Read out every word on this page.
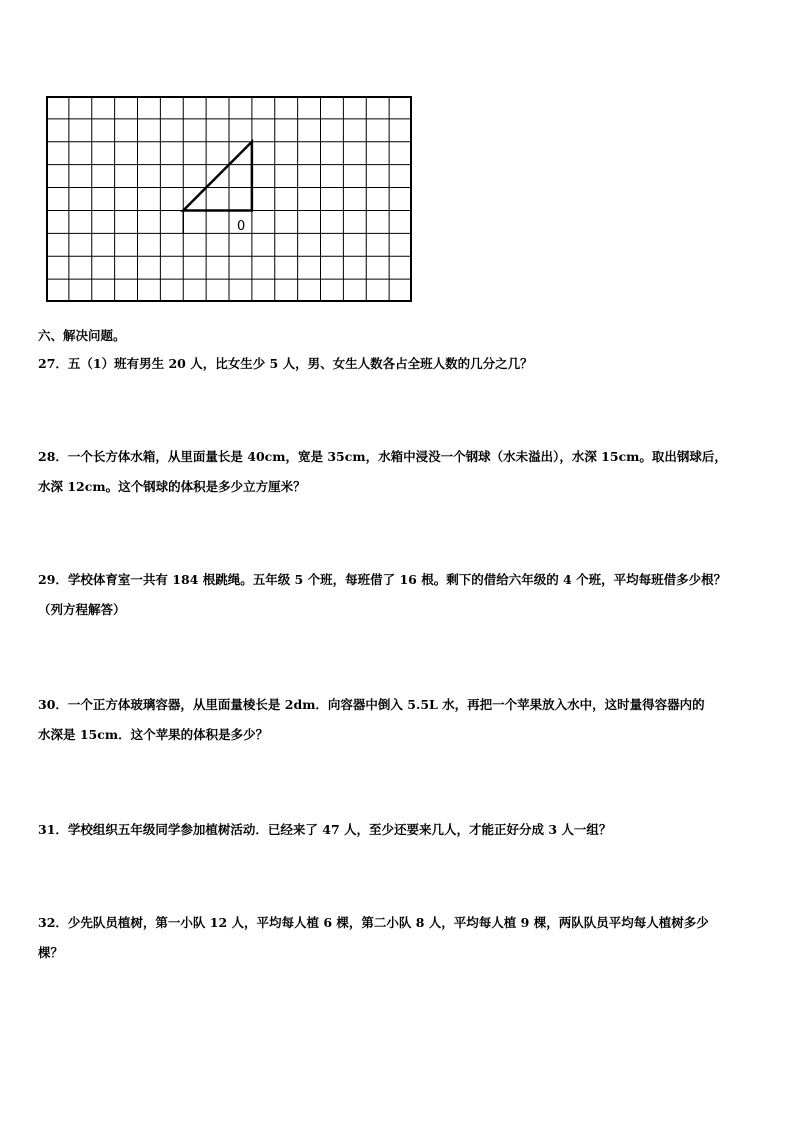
0
六、解决问题。
27．五（1）班有男生 20 人，比女生少 5 人，男、女生人数各占全班人数的几分之几？
28．一个长方体水箱，从里面量长是 40cm，宽是 35cm，水箱中浸没一个钢球（水未溢出），水深 15cm。取出钢球后，
水深 12cm。这个钢球的体积是多少立方厘米？
29．学校体育室一共有 184 根跳绳。五年级 5 个班，每班借了 16 根。剩下的借给六年级的 4 个班，平均每班借多少根？
（列方程解答）
30．一个正方体玻璃容器，从里面量棱长是 2dm．向容器中倒入 5.5L 水，再把一个苹果放入水中，这时量得容器内的
水深是 15cm．这个苹果的体积是多少？
31．学校组织五年级同学参加植树活动．已经来了 47 人，至少还要来几人，才能正好分成 3 人一组？
32．少先队员植树，第一小队 12 人，平均每人植 6 棵，第二小队 8 人，平均每人植 9 棵，两队队员平均每人植树多少
棵？
